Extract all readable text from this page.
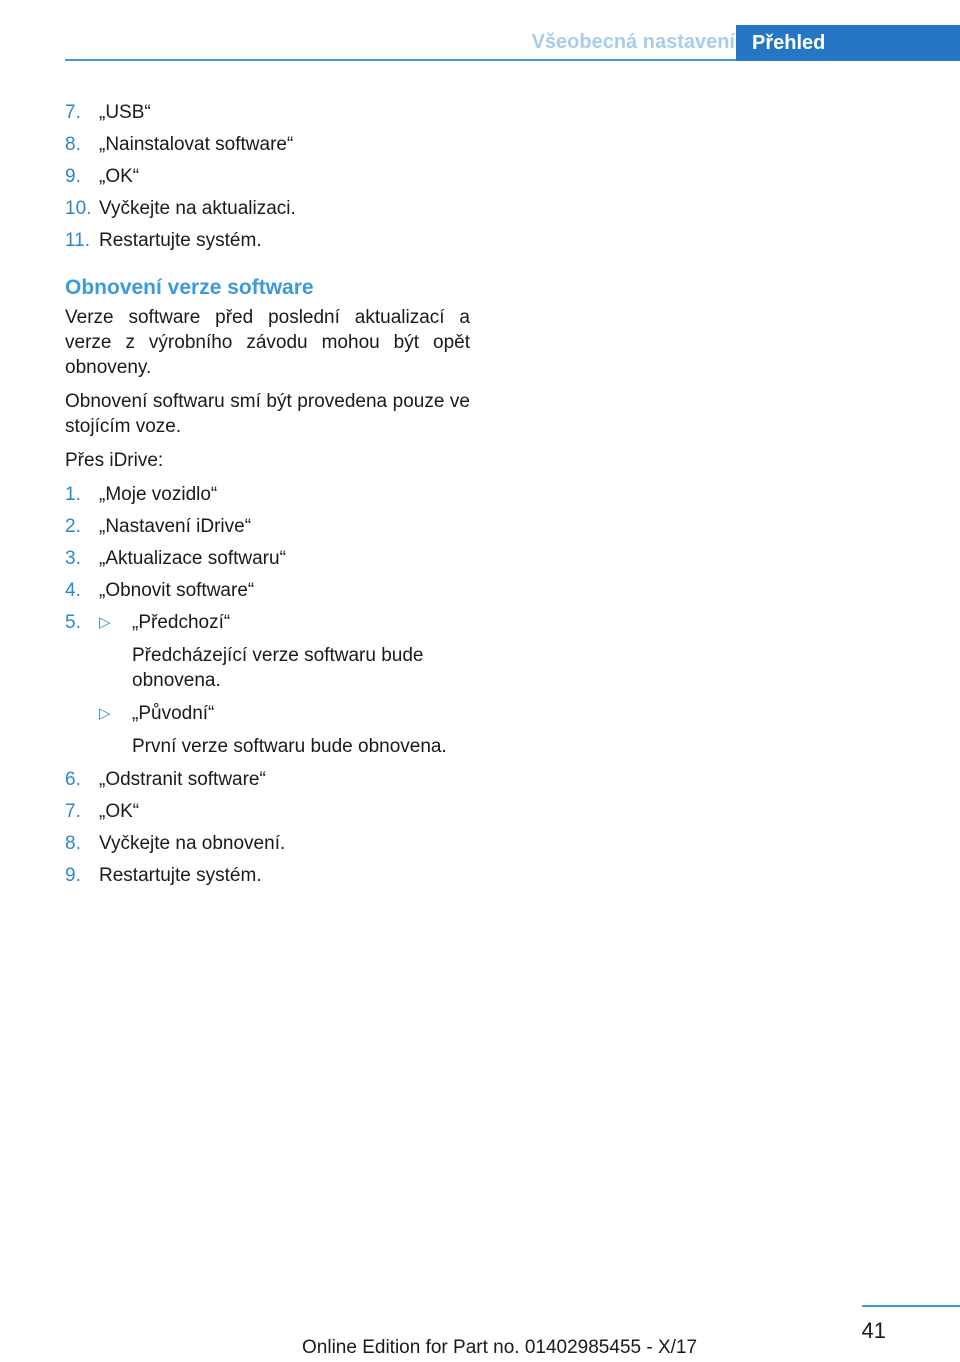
Všeobecná nastavení Přehled
7. „USB“
8. „Nainstalovat software“
9. „OK“
10. Vyčkejte na aktualizaci.
11. Restartujte systém.
Obnovení verze software

Verze software před poslední aktualizací a verze z výrobního závodu mohou být opět obnoveny.

Obnovení softwaru smí být provedena pouze ve stojícím voze.

Přes iDrive:

1. „Moje vozidlo“
2. „Nastavení iDrive“
3. „Aktualizace softwaru“
4. „Obnovit software“
5. ▷ „Předchozí“
Předcházející verze softwaru bude obnovena.
▷ „Původní“
První verze softwaru bude obnovena.
6. „Odstranit software“
7. „OK“
8. Vyčkejte na obnovení.
9. Restartujte systém.
41
Online Edition for Part no. 01402985455 - X/17
